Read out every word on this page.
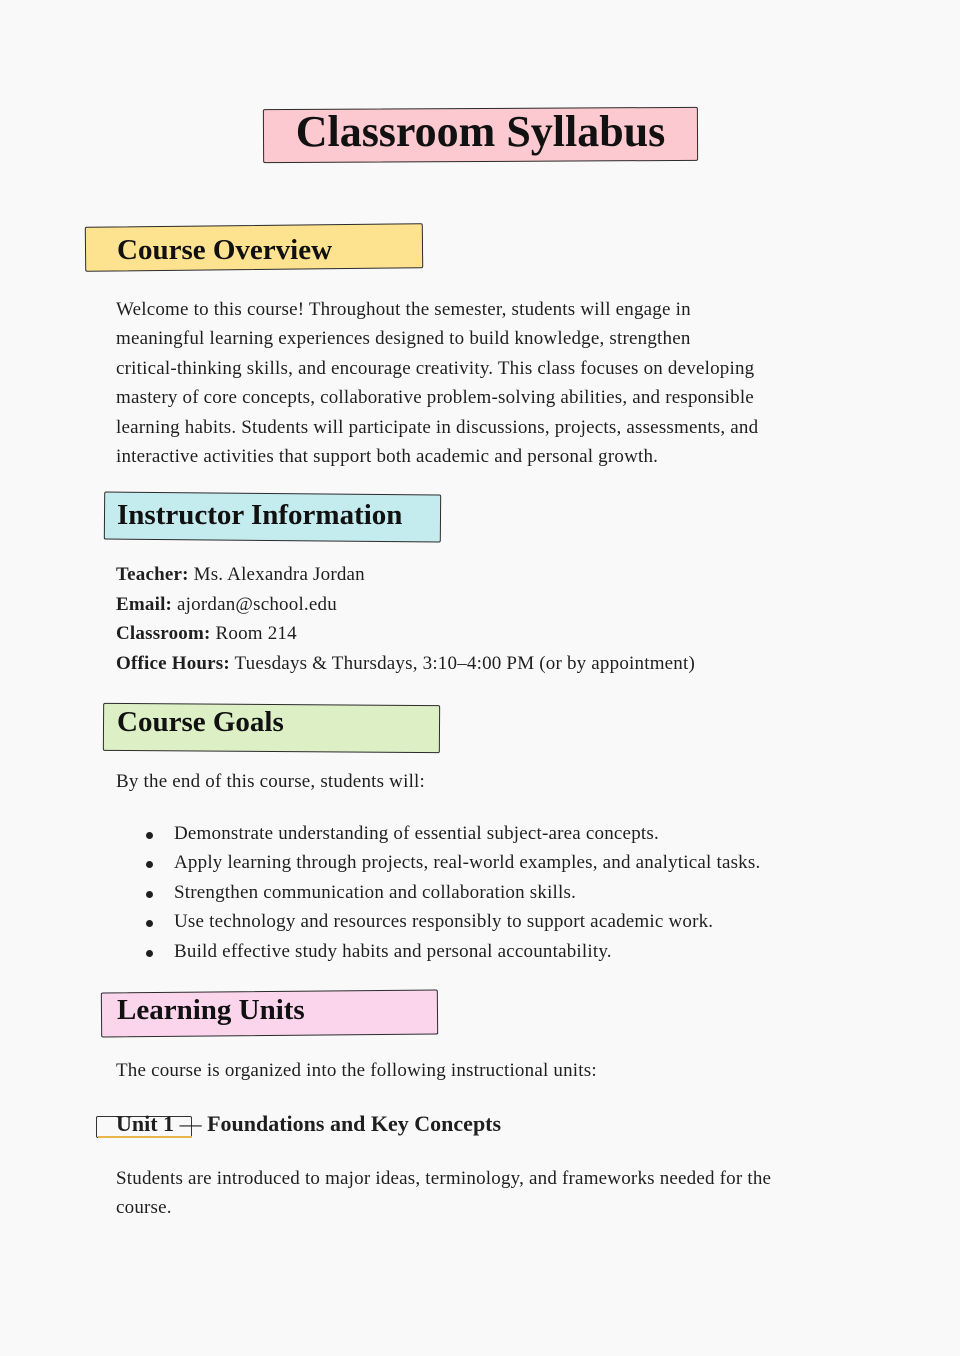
Classroom Syllabus
Course Overview
Welcome to this course! Throughout the semester, students will engage in
meaningful learning experiences designed to build knowledge, strengthen
critical-thinking skills, and encourage creativity. This class focuses on developing
mastery of core concepts, collaborative problem-solving abilities, and responsible
learning habits. Students will participate in discussions, projects, assessments, and
interactive activities that support both academic and personal growth.
Instructor Information
Teacher: Ms. Alexandra Jordan
Email: ajordan@school.edu
Classroom: Room 214
Office Hours: Tuesdays & Thursdays, 3:10–4:00 PM (or by appointment)
Course Goals

By the end of this course, students will:

Demonstrate understanding of essential subject-area concepts.
Apply learning through projects, real-world examples, and analytical tasks.
Strengthen communication and collaboration skills.
Use technology and resources responsibly to support academic work.
Build effective study habits and personal accountability.
Learning Units

The course is organized into the following instructional units:

Unit 1 — Foundations and Key Concepts
Students are introduced to major ideas, terminology, and frameworks needed for the
course.
